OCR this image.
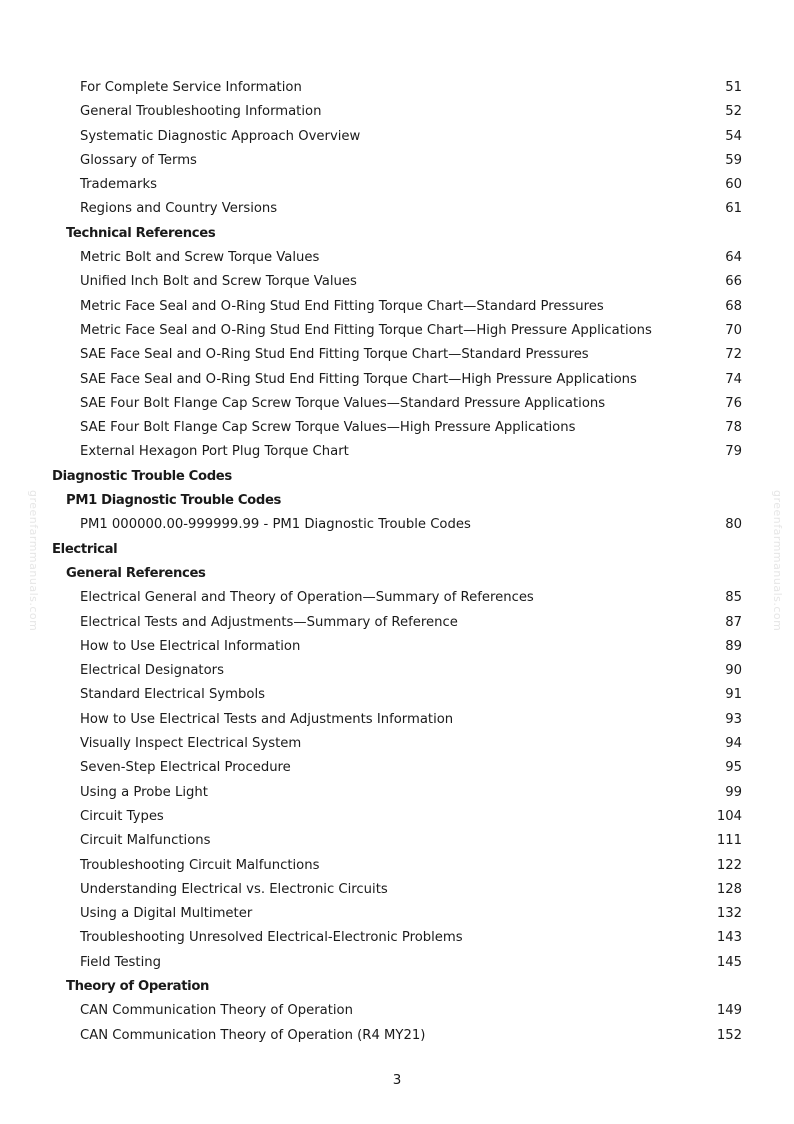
greenfarmmanuals.com	greenfarmmanuals.com
For Complete Service Information	51
General Troubleshooting Information	52
Systematic Diagnostic Approach Overview	54
Glossary of Terms	59
Trademarks	60
Regions and Country Versions	61
Technical References
Metric Bolt and Screw Torque Values	64
Unified Inch Bolt and Screw Torque Values	66
Metric Face Seal and O-Ring Stud End Fitting Torque Chart—Standard Pressures	68
Metric Face Seal and O-Ring Stud End Fitting Torque Chart—High Pressure Applications	70
SAE Face Seal and O-Ring Stud End Fitting Torque Chart—Standard Pressures	72
SAE Face Seal and O-Ring Stud End Fitting Torque Chart—High Pressure Applications	74
SAE Four Bolt Flange Cap Screw Torque Values—Standard Pressure Applications	76
SAE Four Bolt Flange Cap Screw Torque Values—High Pressure Applications	78
External Hexagon Port Plug Torque Chart	79
Diagnostic Trouble Codes
PM1 Diagnostic Trouble Codes
PM1 000000.00-999999.99 - PM1 Diagnostic Trouble Codes	80
Electrical
General References
Electrical General and Theory of Operation—Summary of References	85
Electrical Tests and Adjustments—Summary of Reference	87
How to Use Electrical Information	89
Electrical Designators	90
Standard Electrical Symbols	91
How to Use Electrical Tests and Adjustments Information	93
Visually Inspect Electrical System	94
Seven-Step Electrical Procedure	95
Using a Probe Light	99
Circuit Types	104
Circuit Malfunctions	111
Troubleshooting Circuit Malfunctions	122
Understanding Electrical vs. Electronic Circuits	128
Using a Digital Multimeter	132
Troubleshooting Unresolved Electrical-Electronic Problems	143
Field Testing	145
Theory of Operation
CAN Communication Theory of Operation	149
CAN Communication Theory of Operation (R4 MY21)	152
3
